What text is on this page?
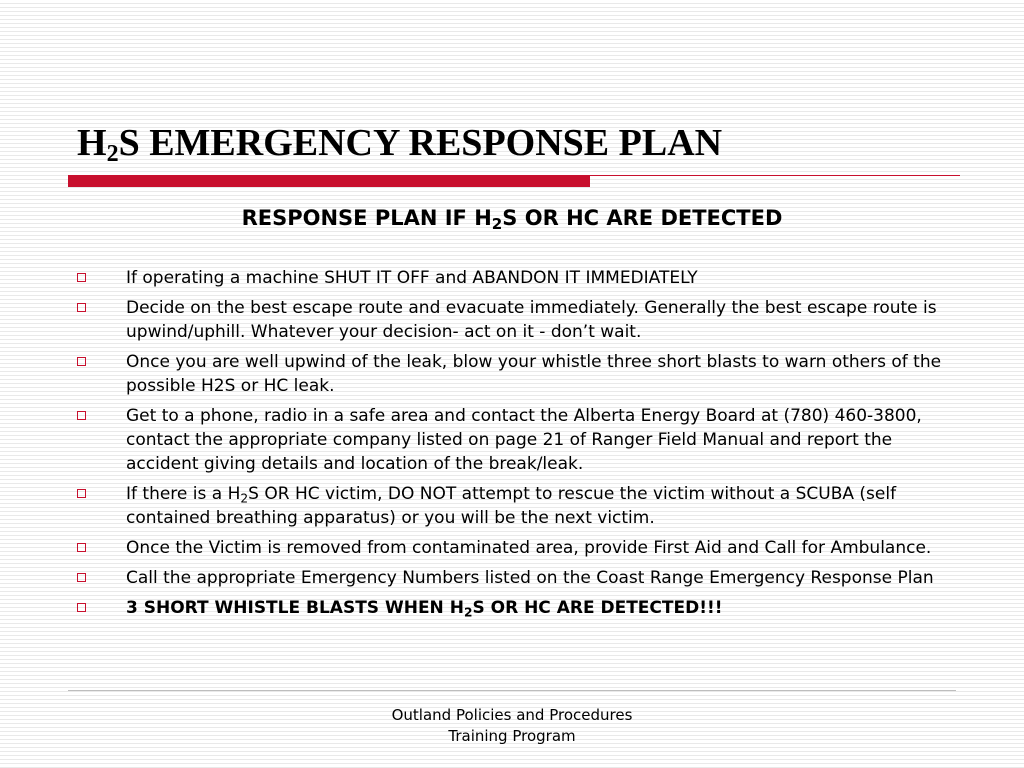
$H_2S$ EMERGENCY RESPONSE PLAN
RESPONSE PLAN IF $H_2S$ OR HC ARE DETECTED
If operating a machine SHUT IT OFF and ABANDON IT IMMEDIATELY
Decide on the best escape route and evacuate immediately. Generally the best escape route is upwind/uphill. Whatever your decision- act on it - don’t wait.
Once you are well upwind of the leak, blow your whistle three short blasts to warn others of the possible H2S or HC leak.
Get to a phone, radio in a safe area and contact the Alberta Energy Board at (780) 460-3800, contact the appropriate company listed on page 21 of Ranger Field Manual and report the accident giving details and location of the break/leak.
If there is a $H_2S$ OR HC victim, DO NOT attempt to rescue the victim without a SCUBA (self contained breathing apparatus) or you will be the next victim.
Once the Victim is removed from contaminated area, provide First Aid and Call for Ambulance.
Call the appropriate Emergency Numbers listed on the Coast Range Emergency Response Plan
3 SHORT WHISTLE BLASTS WHEN $H_2S$ OR HC ARE DETECTED!!!
Outland Policies and Procedures
Training Program
